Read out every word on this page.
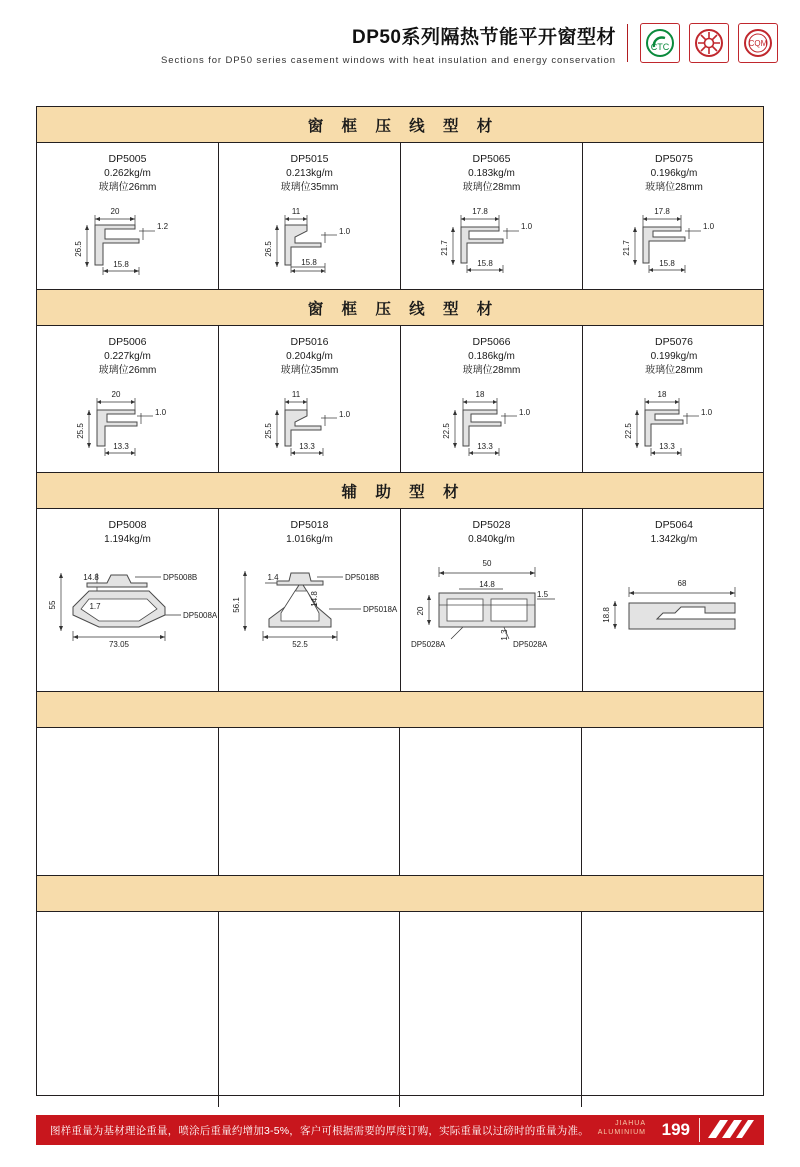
DP50系列隔热节能平开窗型材
Sections for DP50 series casement windows with heat insulation and energy conservation
CTC	CQM
窗 框 压 线 型 材
DP5005
0.262kg/m
玻璃位26mm
20
26.5
1.2
15.8
DP5015
0.213kg/m
玻璃位35mm
11
26.5
1.0
15.8
DP5065
0.183kg/m
玻璃位28mm
17.8
21.7
1.0
15.8
DP5075
0.196kg/m
玻璃位28mm
17.8
21.7
1.0
15.8
窗 框 压 线 型 材
DP5006
0.227kg/m
玻璃位26mm
20
25.5
1.0
13.3
DP5016
0.204kg/m
玻璃位35mm
11
25.5
1.0
13.3
DP5066
0.186kg/m
玻璃位28mm
18
22.5
1.0
13.3
DP5076
0.199kg/m
玻璃位28mm
18
22.5
1.0
13.3
辅 助 型 材
DP5008
1.194kg/m
55
14.8
1.7
73.05
DP5008B
DP5008A
DP5018
1.016kg/m
56.1
1.4
14.8
52.5
DP5018B
DP5018A
DP5028
0.840kg/m
50
14.8
20
1.5
1.3
DP5028A	DP5028A
DP5064
1.342kg/m
68
18.8
图样重量为基材理论重量，喷涂后重量约增加3-5%，客户可根据需要的厚度订购，实际重量以过磅时的重量为准。
JIAHUA
ALUMINIUM 199
